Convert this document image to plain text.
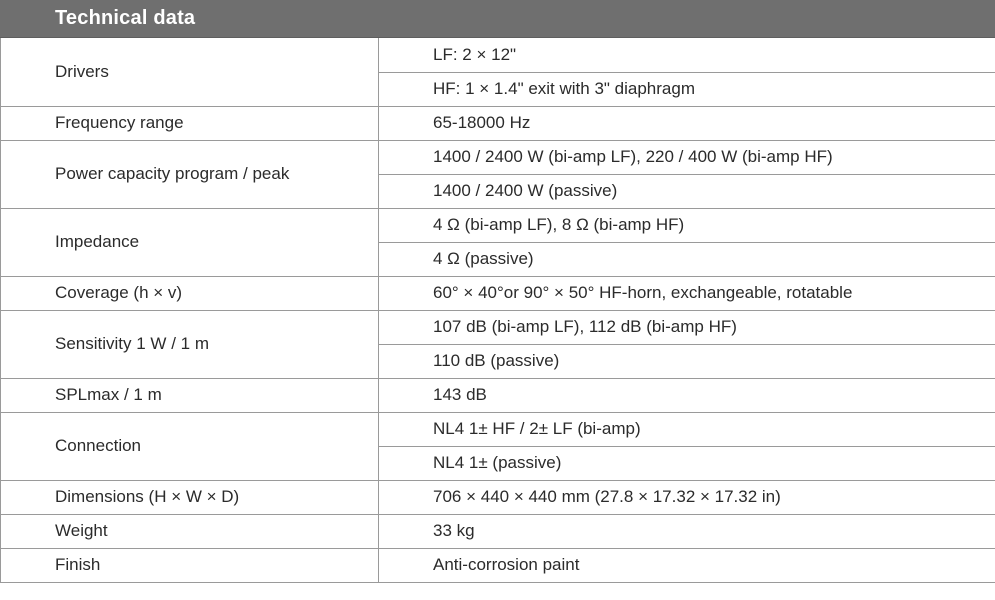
Technical data
Drivers	LF: 2 × 12"
	HF: 1 × 1.4" exit with 3" diaphragm
Frequency range	65-18000 Hz
Power capacity program / peak	1400 / 2400 W (bi-amp LF), 220 / 400 W (bi-amp HF)
	1400 / 2400 W (passive)
Impedance	4 Ω (bi-amp LF), 8 Ω (bi-amp HF)
	4 Ω (passive)
Coverage (h × v)	60° × 40°or 90° × 50° HF-horn, exchangeable, rotatable
Sensitivity 1 W / 1 m	107 dB (bi-amp LF), 112 dB (bi-amp HF)
	110 dB (passive)
SPLmax / 1 m	143 dB
Connection	NL4 1± HF / 2± LF (bi-amp)
	NL4 1± (passive)
Dimensions (H × W × D)	706 × 440 × 440 mm (27.8 × 17.32 × 17.32 in)
Weight	33 kg
Finish	Anti-corrosion paint
